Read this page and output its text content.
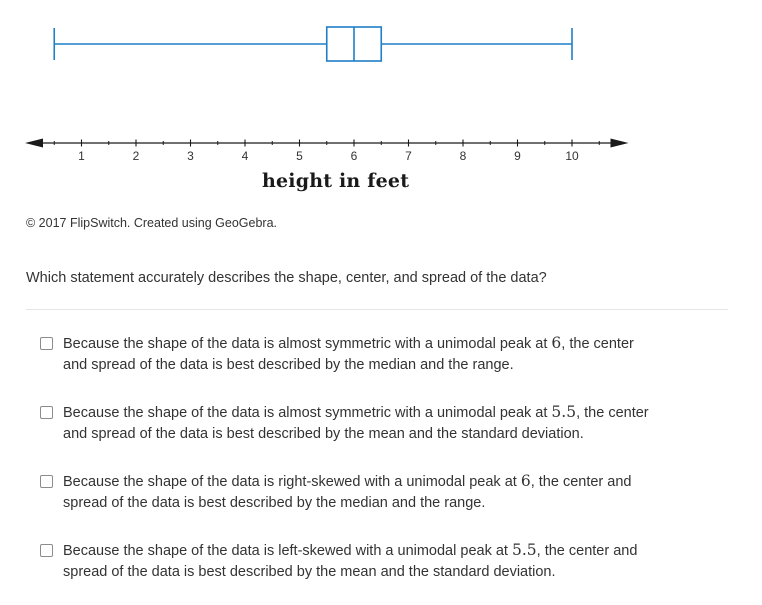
1	2	3	4	5	6	7	8	9	10
height in feet
© 2017 FlipSwitch. Created using GeoGebra.
Which statement accurately describes the shape, center, and spread of the data?
Because the shape of the data is almost symmetric with a unimodal peak at 6, the center and spread of the data is best described by the median and the range.
Because the shape of the data is almost symmetric with a unimodal peak at 5.5, the center and spread of the data is best described by the mean and the standard deviation.
Because the shape of the data is right-skewed with a unimodal peak at 6, the center and spread of the data is best described by the median and the range.
Because the shape of the data is left-skewed with a unimodal peak at 5.5, the center and spread of the data is best described by the mean and the standard deviation.
